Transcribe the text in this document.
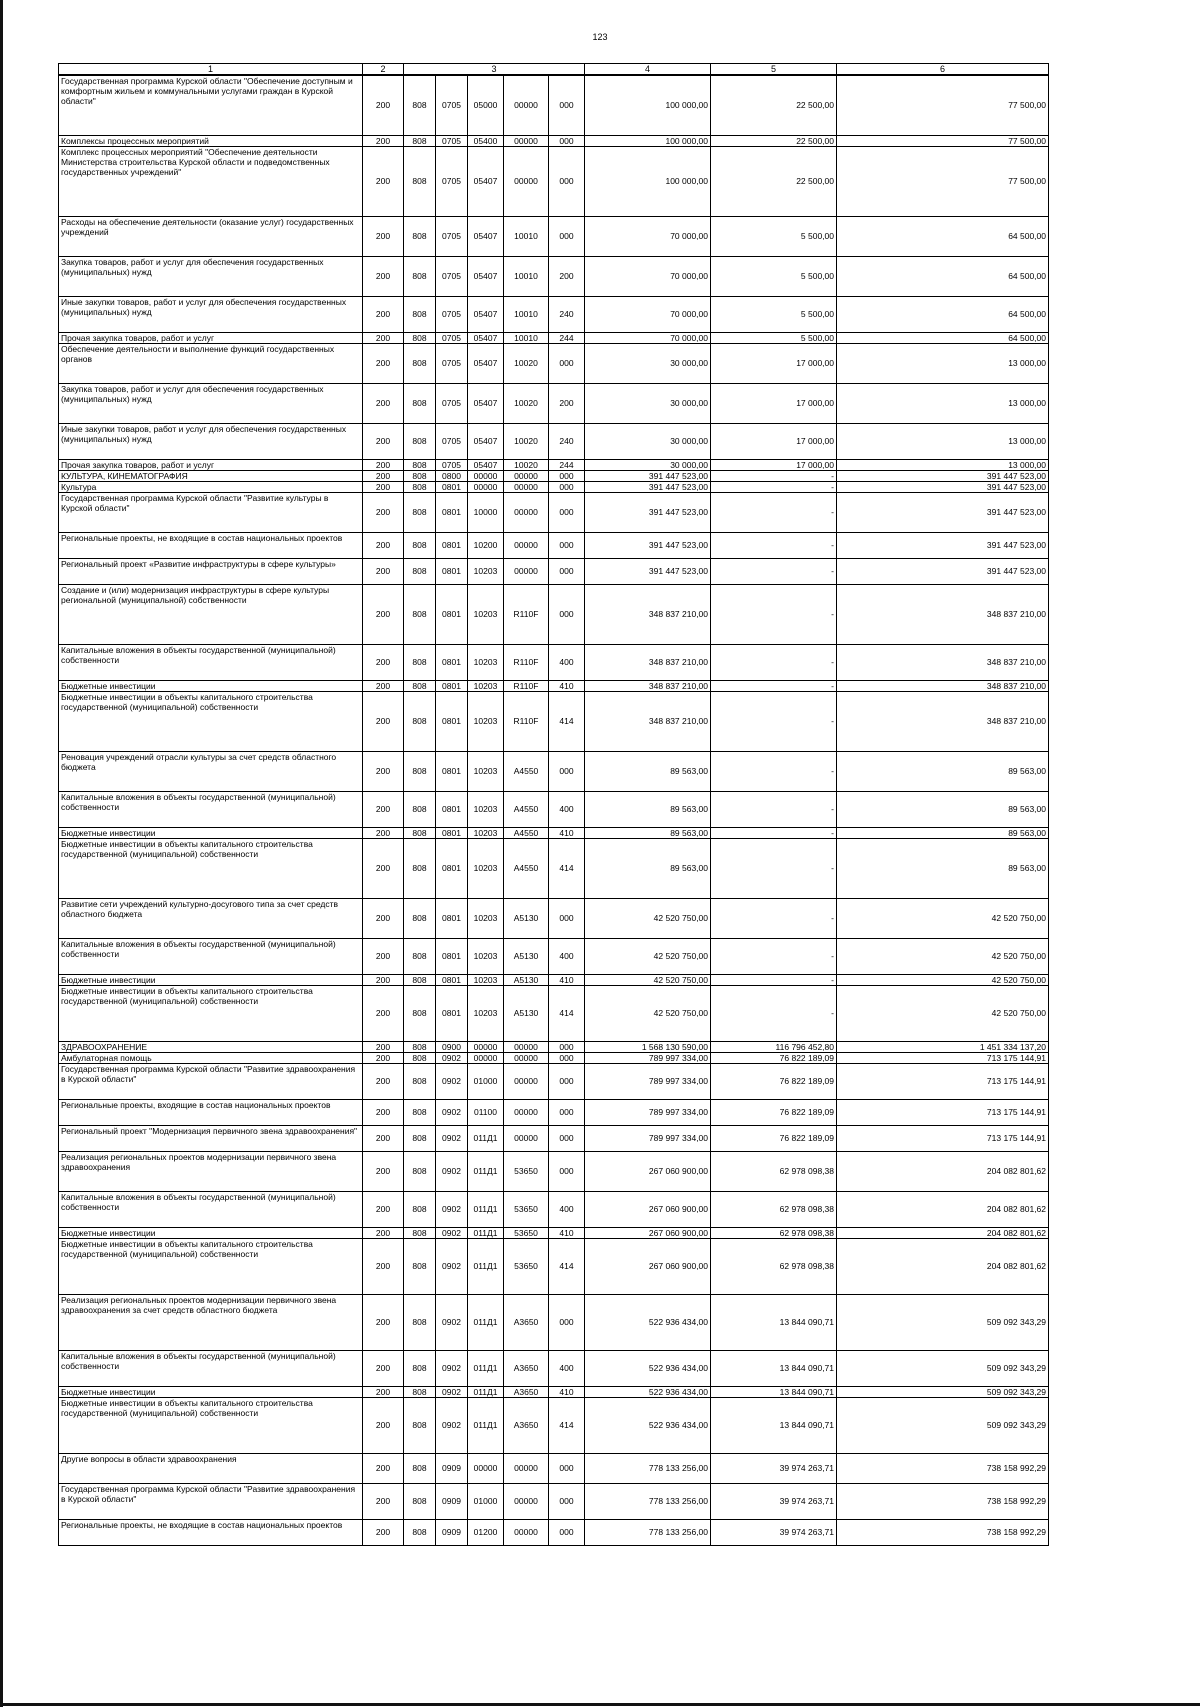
123
1	2	3					4	5	6
Государственная программа Курской области "Обеспечение доступным и комфортным жильем и коммунальными услугами граждан в Курской области"	200	808	0705	05000	00000	000	100 000,00	22 500,00	77 500,00
Комплексы процессных мероприятий	200	808	0705	05400	00000	000	100 000,00	22 500,00	77 500,00
Комплекс процессных мероприятий "Обеспечение деятельности Министерства строительства Курской области и подведомственных государственных учреждений"	200	808	0705	05407	00000	000	100 000,00	22 500,00	77 500,00
Расходы на обеспечение деятельности (оказание услуг) государственных учреждений	200	808	0705	05407	10010	000	70 000,00	5 500,00	64 500,00
Закупка товаров, работ и услуг для обеспечения государственных (муниципальных) нужд	200	808	0705	05407	10010	200	70 000,00	5 500,00	64 500,00
Иные закупки товаров, работ и услуг для обеспечения государственных (муниципальных) нужд	200	808	0705	05407	10010	240	70 000,00	5 500,00	64 500,00
Прочая закупка товаров, работ и услуг	200	808	0705	05407	10010	244	70 000,00	5 500,00	64 500,00
Обеспечение деятельности и выполнение функций государственных органов	200	808	0705	05407	10020	000	30 000,00	17 000,00	13 000,00
Закупка товаров, работ и услуг для обеспечения государственных (муниципальных) нужд	200	808	0705	05407	10020	200	30 000,00	17 000,00	13 000,00
Иные закупки товаров, работ и услуг для обеспечения государственных (муниципальных) нужд	200	808	0705	05407	10020	240	30 000,00	17 000,00	13 000,00
Прочая закупка товаров, работ и услуг	200	808	0705	05407	10020	244	30 000,00	17 000,00	13 000,00
КУЛЬТУРА, КИНЕМАТОГРАФИЯ	200	808	0800	00000	00000	000	391 447 523,00	-	391 447 523,00
Культура	200	808	0801	00000	00000	000	391 447 523,00	-	391 447 523,00
Государственная программа Курской области "Развитие культуры в Курской области"	200	808	0801	10000	00000	000	391 447 523,00	-	391 447 523,00
Региональные проекты, не входящие в состав национальных проектов	200	808	0801	10200	00000	000	391 447 523,00	-	391 447 523,00
Региональный проект «Развитие инфраструктуры в сфере культуры»	200	808	0801	10203	00000	000	391 447 523,00	-	391 447 523,00
Создание и (или) модернизация инфраструктуры в сфере культуры региональной (муниципальной) собственности	200	808	0801	10203	R110F	000	348 837 210,00	-	348 837 210,00
Капитальные вложения в объекты государственной (муниципальной) собственности	200	808	0801	10203	R110F	400	348 837 210,00	-	348 837 210,00
Бюджетные инвестиции	200	808	0801	10203	R110F	410	348 837 210,00	-	348 837 210,00
Бюджетные инвестиции в объекты капитального строительства государственной (муниципальной) собственности	200	808	0801	10203	R110F	414	348 837 210,00	-	348 837 210,00
Реновация учреждений отрасли культуры за счет средств областного бюджета	200	808	0801	10203	A4550	000	89 563,00	-	89 563,00
Капитальные вложения в объекты государственной (муниципальной) собственности	200	808	0801	10203	A4550	400	89 563,00	-	89 563,00
Бюджетные инвестиции	200	808	0801	10203	A4550	410	89 563,00	-	89 563,00
Бюджетные инвестиции в объекты капитального строительства государственной (муниципальной) собственности	200	808	0801	10203	A4550	414	89 563,00	-	89 563,00
Развитие сети учреждений культурно-досугового типа за счет средств областного бюджета	200	808	0801	10203	A5130	000	42 520 750,00	-	42 520 750,00
Капитальные вложения в объекты государственной (муниципальной) собственности	200	808	0801	10203	A5130	400	42 520 750,00	-	42 520 750,00
Бюджетные инвестиции	200	808	0801	10203	A5130	410	42 520 750,00	-	42 520 750,00
Бюджетные инвестиции в объекты капитального строительства государственной (муниципальной) собственности	200	808	0801	10203	A5130	414	42 520 750,00	-	42 520 750,00
ЗДРАВООХРАНЕНИЕ	200	808	0900	00000	00000	000	1 568 130 590,00	116 796 452,80	1 451 334 137,20
Амбулаторная помощь	200	808	0902	00000	00000	000	789 997 334,00	76 822 189,09	713 175 144,91
Государственная программа Курской области "Развитие здравоохранения в Курской области"	200	808	0902	01000	00000	000	789 997 334,00	76 822 189,09	713 175 144,91
Региональные проекты, входящие в состав национальных проектов	200	808	0902	01100	00000	000	789 997 334,00	76 822 189,09	713 175 144,91
Региональный проект "Модернизация первичного звена здравоохранения"	200	808	0902	011Д1	00000	000	789 997 334,00	76 822 189,09	713 175 144,91
Реализация региональных проектов модернизации первичного звена здравоохранения	200	808	0902	011Д1	53650	000	267 060 900,00	62 978 098,38	204 082 801,62
Капитальные вложения в объекты государственной (муниципальной) собственности	200	808	0902	011Д1	53650	400	267 060 900,00	62 978 098,38	204 082 801,62
Бюджетные инвестиции	200	808	0902	011Д1	53650	410	267 060 900,00	62 978 098,38	204 082 801,62
Бюджетные инвестиции в объекты капитального строительства государственной (муниципальной) собственности	200	808	0902	011Д1	53650	414	267 060 900,00	62 978 098,38	204 082 801,62
Реализация региональных проектов модернизации первичного звена здравоохранения за счет средств областного бюджета	200	808	0902	011Д1	A3650	000	522 936 434,00	13 844 090,71	509 092 343,29
Капитальные вложения в объекты государственной (муниципальной) собственности	200	808	0902	011Д1	A3650	400	522 936 434,00	13 844 090,71	509 092 343,29
Бюджетные инвестиции	200	808	0902	011Д1	A3650	410	522 936 434,00	13 844 090,71	509 092 343,29
Бюджетные инвестиции в объекты капитального строительства государственной (муниципальной) собственности	200	808	0902	011Д1	A3650	414	522 936 434,00	13 844 090,71	509 092 343,29
Другие вопросы в области здравоохранения	200	808	0909	00000	00000	000	778 133 256,00	39 974 263,71	738 158 992,29
Государственная программа Курской области "Развитие здравоохранения в Курской области"	200	808	0909	01000	00000	000	778 133 256,00	39 974 263,71	738 158 992,29
Региональные проекты, не входящие в состав национальных проектов	200	808	0909	01200	00000	000	778 133 256,00	39 974 263,71	738 158 992,29
